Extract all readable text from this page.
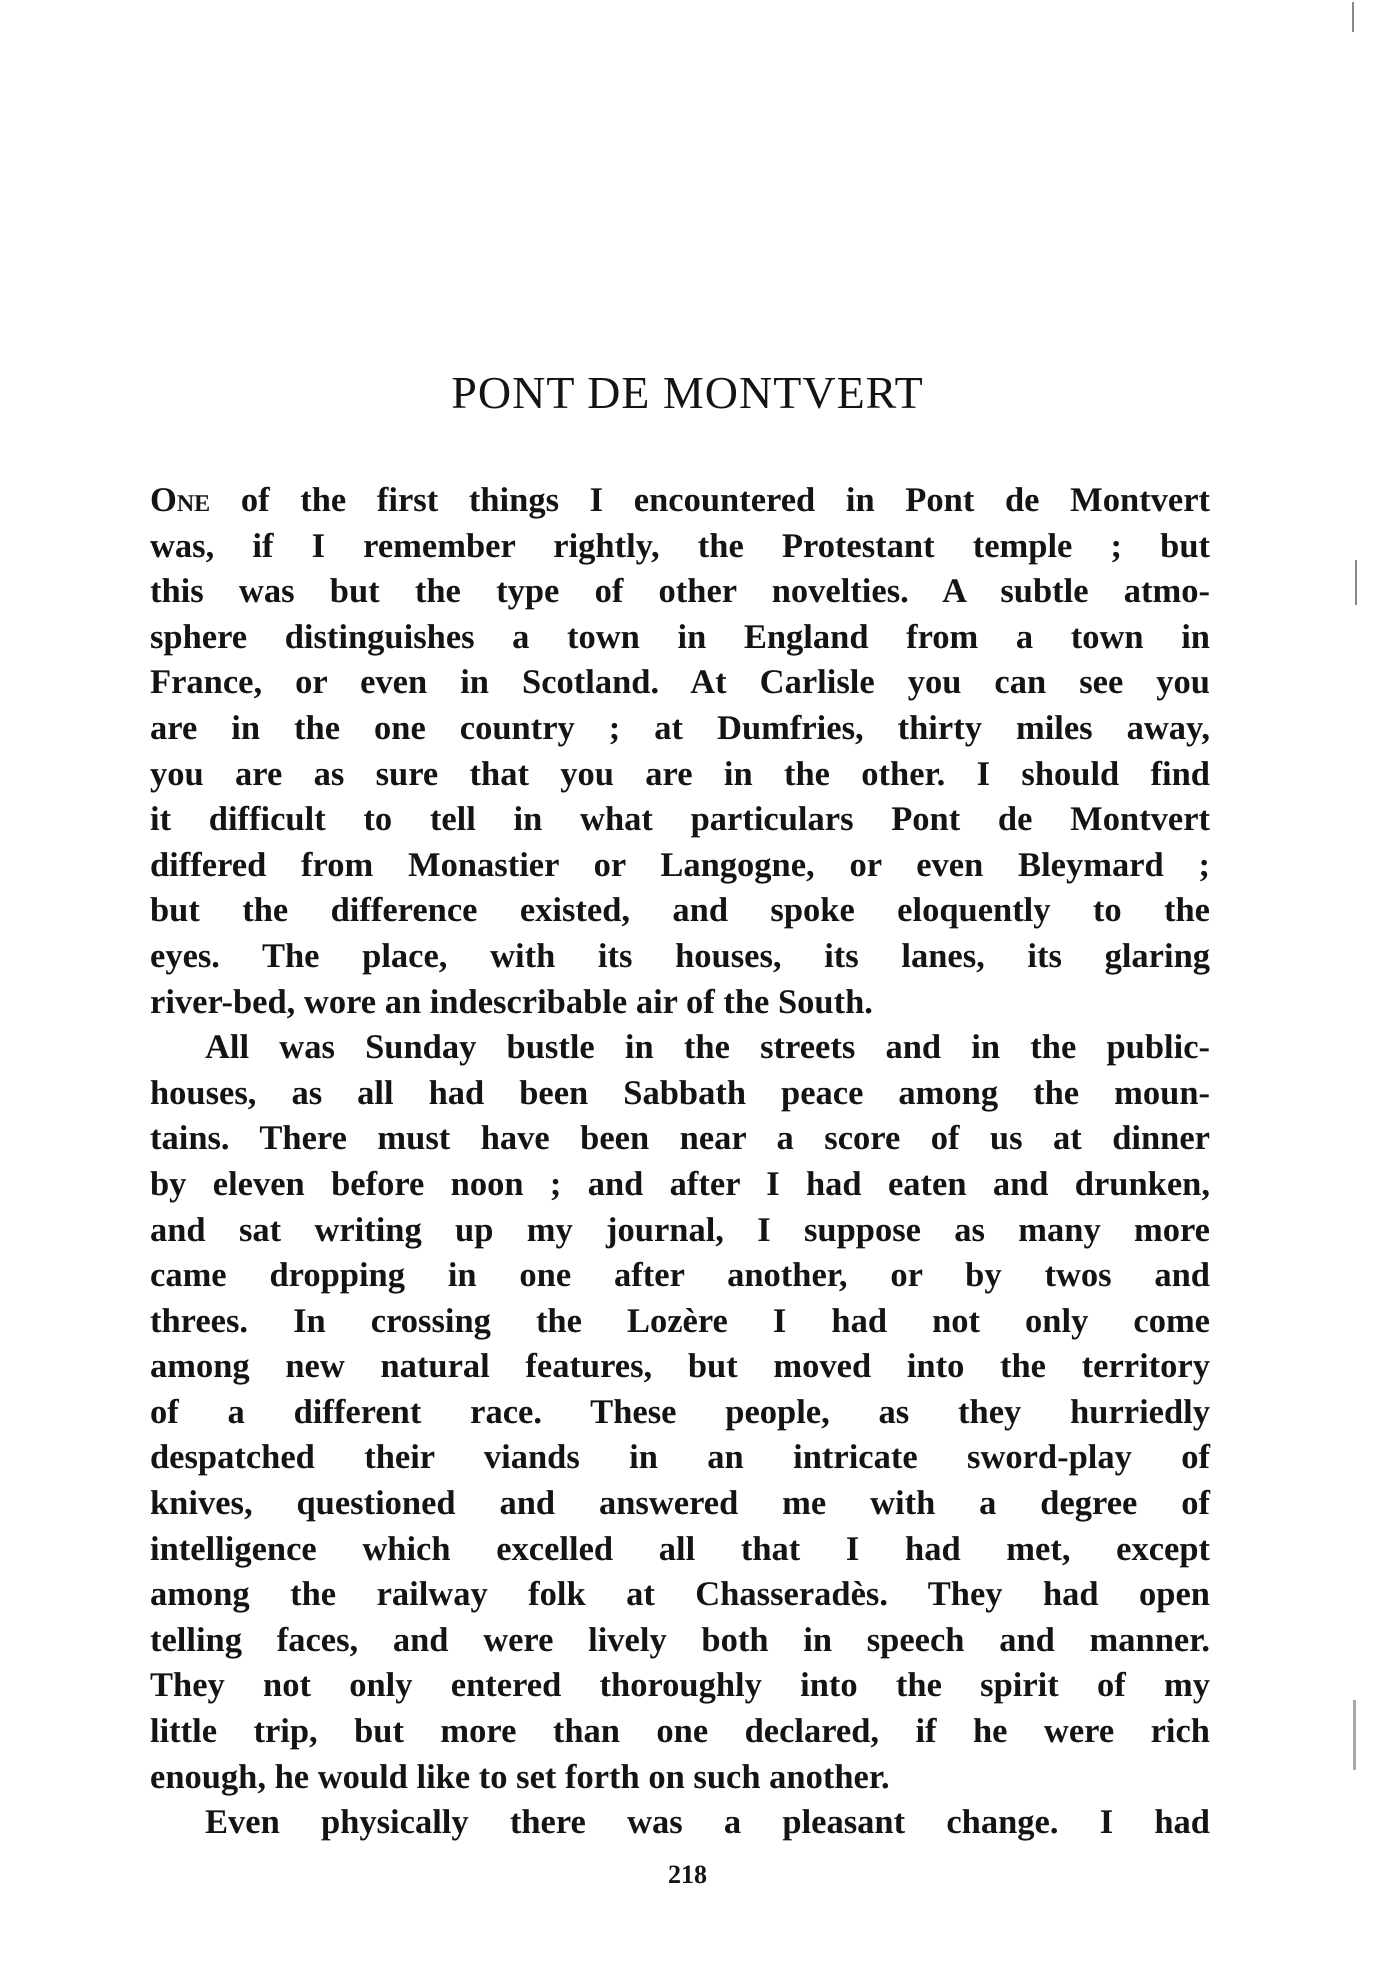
PONT DE MONTVERT
One of the first things I encountered in Pont de Montvert
was, if I remember rightly, the Protestant temple ; but
this was but the type of other novelties. A subtle atmo-
sphere distinguishes a town in England from a town in
France, or even in Scotland. At Carlisle you can see you
are in the one country ; at Dumfries, thirty miles away,
you are as sure that you are in the other. I should find
it difficult to tell in what particulars Pont de Montvert
differed from Monastier or Langogne, or even Bleymard ;
but the difference existed, and spoke eloquently to the
eyes. The place, with its houses, its lanes, its glaring
river-bed, wore an indescribable air of the South.
All was Sunday bustle in the streets and in the public-
houses, as all had been Sabbath peace among the moun-
tains. There must have been near a score of us at dinner
by eleven before noon ; and after I had eaten and drunken,
and sat writing up my journal, I suppose as many more
came dropping in one after another, or by twos and
threes. In crossing the Lozère I had not only come
among new natural features, but moved into the territory
of a different race. These people, as they hurriedly
despatched their viands in an intricate sword-play of
knives, questioned and answered me with a degree of
intelligence which excelled all that I had met, except
among the railway folk at Chasseradès. They had open
telling faces, and were lively both in speech and manner.
They not only entered thoroughly into the spirit of my
little trip, but more than one declared, if he were rich
enough, he would like to set forth on such another.
Even physically there was a pleasant change. I had
218
